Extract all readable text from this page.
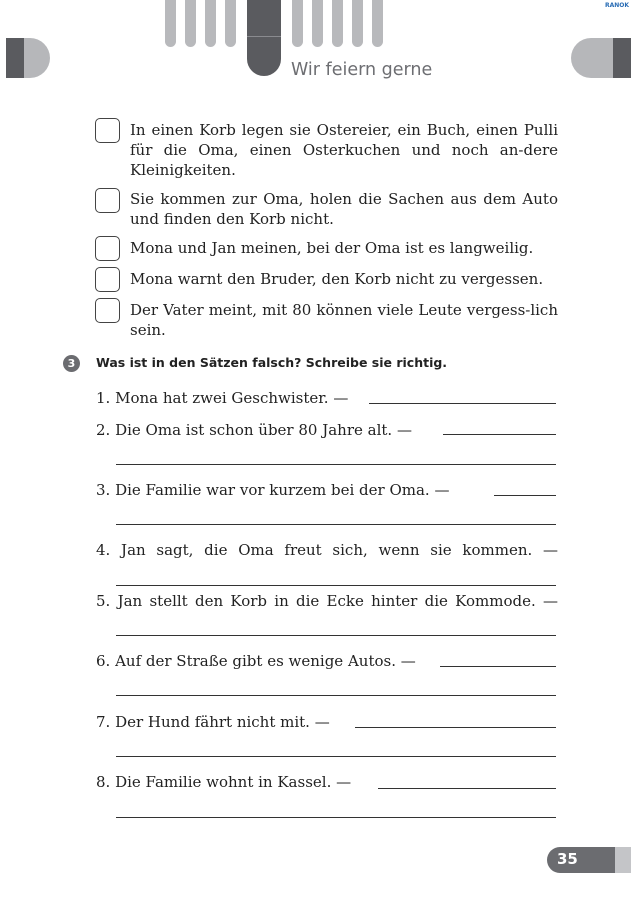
RANOK
Wir feiern gerne
In einen Korb legen sie Ostereier, ein Buch, einen Pulli für die Oma, einen Osterkuchen und noch an-dere Kleinigkeiten.
Sie kommen zur Oma, holen die Sachen aus dem Auto und finden den Korb nicht.
Mona und Jan meinen, bei der Oma ist es langweilig.
Mona warnt den Bruder, den Korb nicht zu vergessen.
Der Vater meint, mit 80 können viele Leute vergess-lich sein.
3	Was ist in den Sätzen falsch? Schreibe sie richtig.
1. Mona hat zwei Geschwister. —
2. Die Oma ist schon über 80 Jahre alt. —
3. Die Familie war vor kurzem bei der Oma. —
4. Jan sagt, die Oma freut sich, wenn sie kommen. —
5. Jan stellt den Korb in die Ecke hinter die Kommode. —
6. Auf der Straße gibt es wenige Autos. —
7. Der Hund fährt nicht mit. —
8. Die Familie wohnt in Kassel. —
35
